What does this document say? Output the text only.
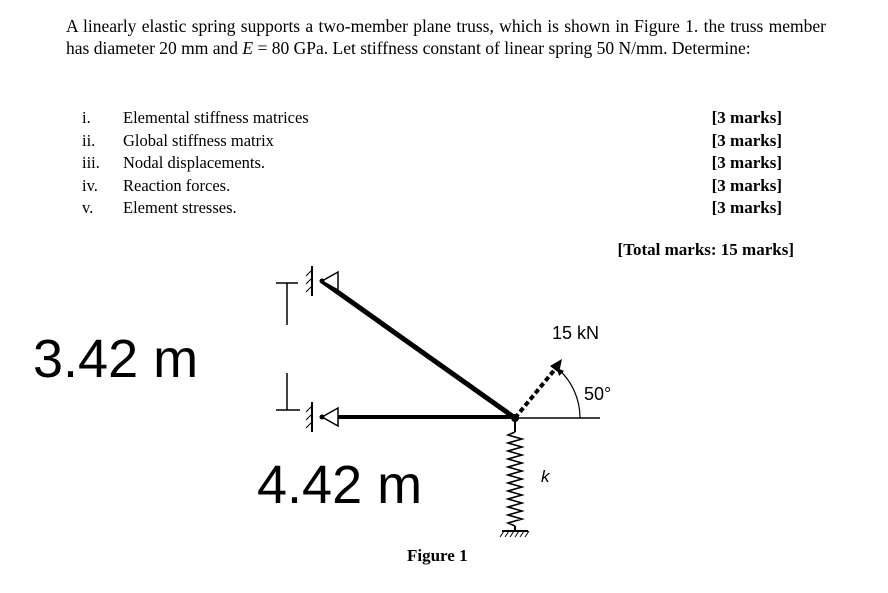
A linearly elastic spring supports a two-member plane truss, which is shown in Figure 1. the truss member has diameter 20 mm and E = 80 GPa. Let stiffness constant of linear spring 50 N/mm. Determine:
i. Elemental stiffness matrices	[3 marks]
ii. Global stiffness matrix	[3 marks]
iii. Nodal displacements.	[3 marks]
iv. Reaction forces.	[3 marks]
v. Element stresses.	[3 marks]
[Total marks: 15 marks]
3.42 m
4.42 m
15 kN
50°
k
Figure 1
